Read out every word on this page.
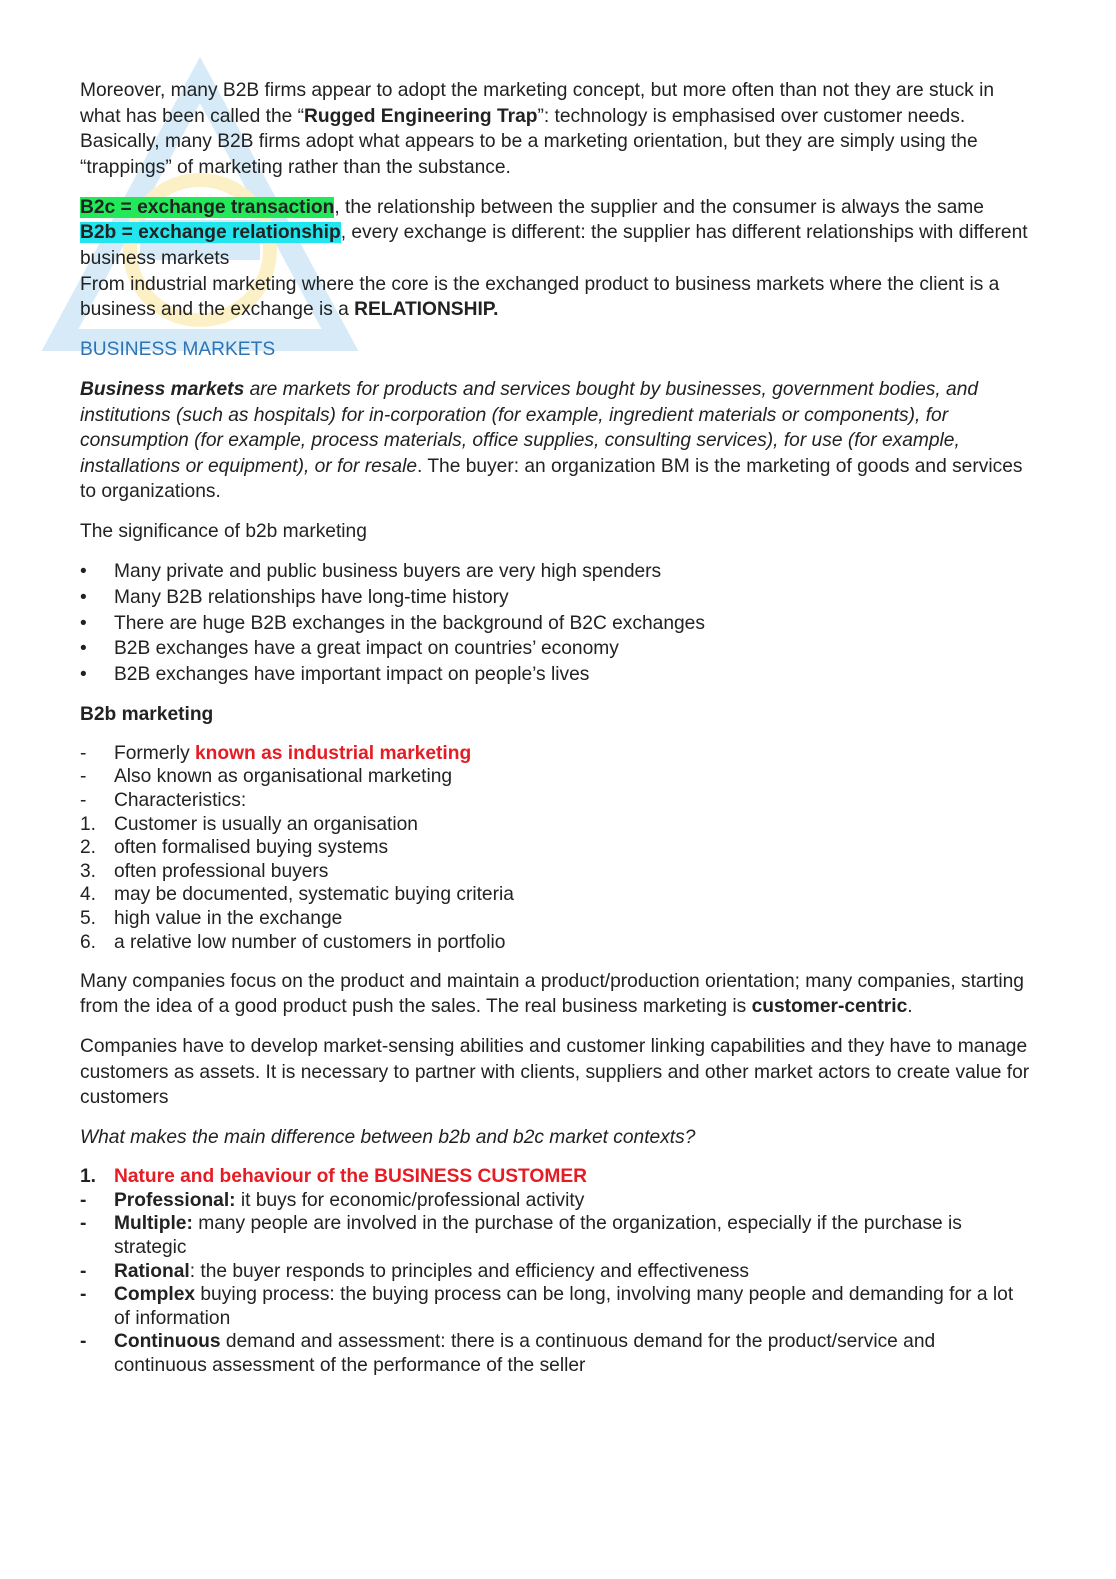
Moreover, many B2B firms appear to adopt the marketing concept, but more often than not they are stuck in what has been called the “Rugged Engineering Trap”: technology is emphasised over customer needs. Basically, many B2B firms adopt what appears to be a marketing orientation, but they are simply using the “trappings” of marketing rather than the substance.

B2c = exchange transaction, the relationship between the supplier and the consumer is always the same
B2b = exchange relationship, every exchange is different: the supplier has different relationships with different business markets
From industrial marketing where the core is the exchanged product to business markets where the client is a business and the exchange is a RELATIONSHIP.

BUSINESS MARKETS

Business markets are markets for products and services bought by businesses, government bodies, and institutions (such as hospitals) for in-corporation (for example, ingredient materials or components), for consumption (for example, process materials, office supplies, consulting services), for use (for example, installations or equipment), or for resale. The buyer: an organization BM is the marketing of goods and services to organizations.

The significance of b2b marketing

•	Many private and public business buyers are very high spenders
•	Many B2B relationships have long-time history
•	There are huge B2B exchanges in the background of B2C exchanges
•	B2B exchanges have a great impact on countries’ economy
•	B2B exchanges have important impact on people’s lives

B2b marketing

- Formerly known as industrial marketing
- Also known as organisational marketing
- Characteristics:
1. Customer is usually an organisation
2. often formalised buying systems
3. often professional buyers
4. may be documented, systematic buying criteria
5. high value in the exchange
6. a relative low number of customers in portfolio

Many companies focus on the product and maintain a product/production orientation; many companies, starting from the idea of a good product push the sales. The real business marketing is customer-centric.

Companies have to develop market-sensing abilities and customer linking capabilities and they have to manage customers as assets. It is necessary to partner with clients, suppliers and other market actors to create value for customers

What makes the main difference between b2b and b2c market contexts?

1. Nature and behaviour of the BUSINESS CUSTOMER
- Professional: it buys for economic/professional activity
- Multiple: many people are involved in the purchase of the organization, especially if the purchase is strategic
- Rational: the buyer responds to principles and efficiency and effectiveness
- Complex buying process: the buying process can be long, involving many people and demanding for a lot of information
- Continuous demand and assessment: there is a continuous demand for the product/service and continuous assessment of the performance of the seller
